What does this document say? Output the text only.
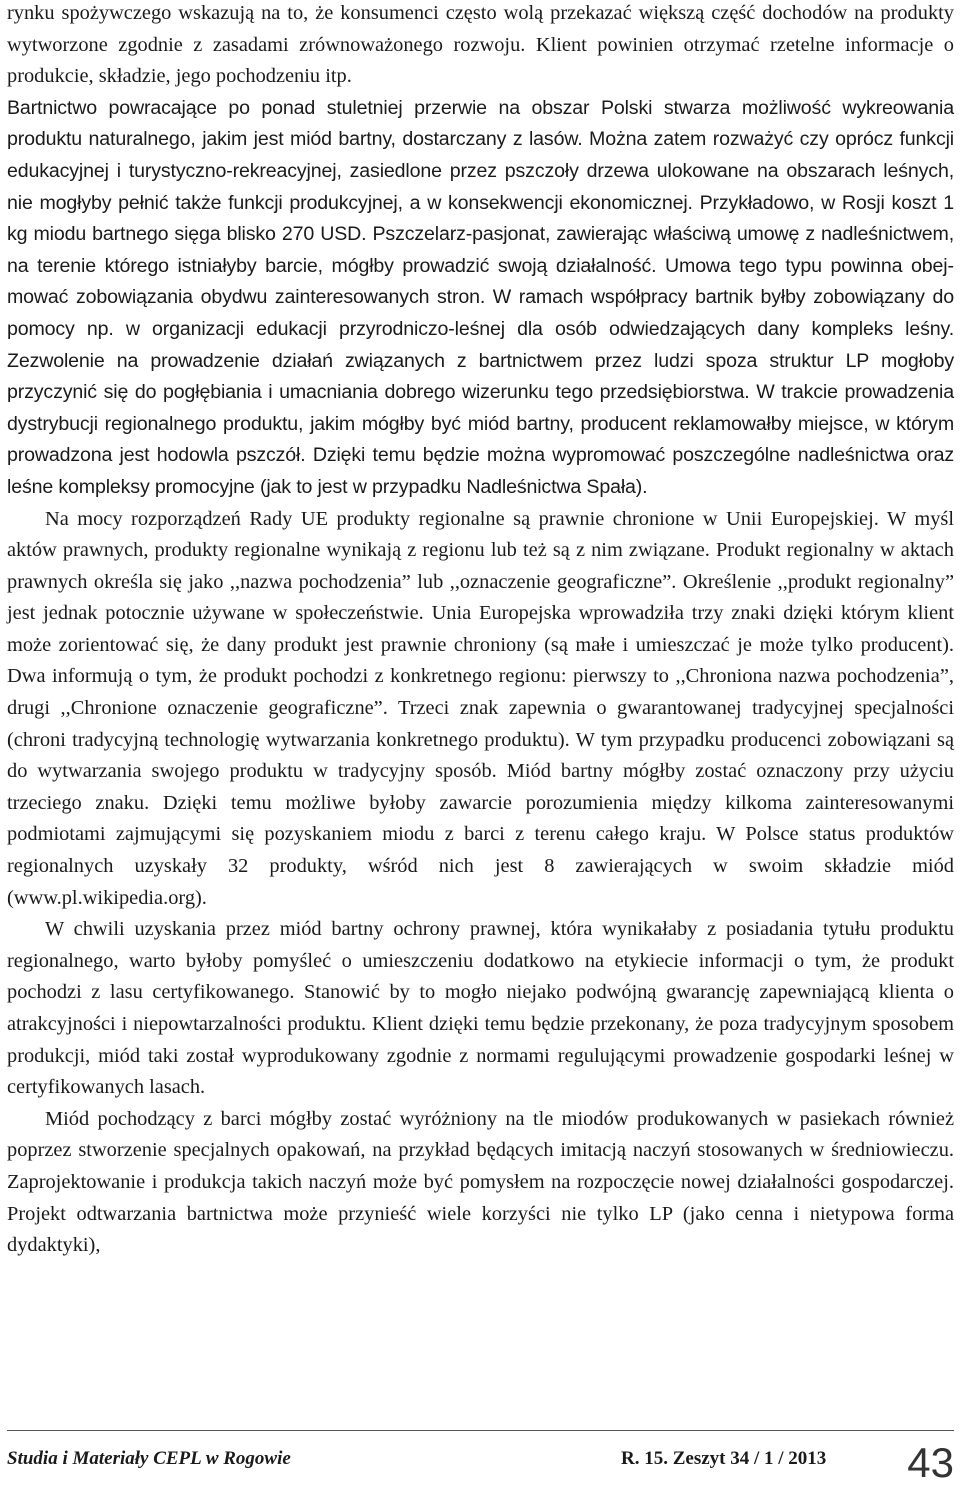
rynku spożywczego wskazują na to, że konsumenci często wolą przekazać większą część dochodów na produkty wytworzone zgodnie z zasadami zrównoważonego rozwoju. Klient powinien otrzymać rzetelne informacje o produkcie, składzie, jego pochodzeniu itp.

Bartnictwo powracające po ponad stuletniej przerwie na obszar Polski stwarza możliwość wykreowania produktu naturalnego, jakim jest miód bartny, dostarczany z lasów. Można zatem rozważyć czy oprócz funkcji edukacyjnej i turystyczno-rekreacyjnej, zasiedlone przez pszczoły drzewa ulokowane na obszarach leśnych, nie mogłyby pełnić także funkcji produkcyjnej, a w konsekwencji ekonomicznej. Przykładowo, w Rosji koszt 1 kg miodu bartnego sięga blisko 270 USD. Pszczelarz-pasjonat, zawierając właściwą umowę z nadleśnictwem, na terenie którego istniałyby barcie, mógłby prowadzić swoją działalność. Umowa tego typu powinna obejmować zobowiązania obydwu zainteresowanych stron. W ramach współpracy bartnik byłby zobowiązany do pomocy np. w organizacji edukacji przyrodniczo-leśnej dla osób odwiedzających dany kompleks leśny. Zezwolenie na prowadzenie działań związanych z bartnictwem przez ludzi spoza struktur LP mogłoby przyczynić się do pogłębiania i umacniania dobrego wizerunku tego przedsiębiorstwa. W trakcie prowadzenia dystrybucji regionalnego produktu, jakim mógłby być miód bartny, producent reklamowałby miejsce, w którym prowadzona jest hodowla pszczół. Dzięki temu będzie można wypromować poszczególne nadleśnictwa oraz leśne kompleksy promocyjne (jak to jest w przypadku Nadleśnictwa Spała).

Na mocy rozporządzeń Rady UE produkty regionalne są prawnie chronione w Unii Europejskiej. W myśl aktów prawnych, produkty regionalne wynikają z regionu lub też są z nim związane. Produkt regionalny w aktach prawnych określa się jako ,,nazwa pochodzenia” lub ,,oznaczenie geograficzne”. Określenie ,,produkt regionalny” jest jednak potocznie używane w społeczeństwie. Unia Europejska wprowadziła trzy znaki dzięki którym klient może zorientować się, że dany produkt jest prawnie chroniony (są małe i umieszczać je może tylko producent). Dwa informują o tym, że produkt pochodzi z konkretnego regionu: pierwszy to ,,Chroniona nazwa pochodzenia”, drugi ,,Chronione oznaczenie geograficzne”. Trzeci znak zapewnia o gwarantowanej tradycyjnej specjalności (chroni tradycyjną technologię wytwarzania konkretnego produktu). W tym przypadku producenci zobowiązani są do wytwarzania swojego produktu w tradycyjny sposób. Miód bartny mógłby zostać oznaczony przy użyciu trzeciego znaku. Dzięki temu możliwe byłoby zawarcie porozumienia między kilkoma zainteresowanymi podmiotami zajmującymi się pozyskaniem miodu z barci z terenu całego kraju. W Polsce status produktów regionalnych uzyskały 32 produkty, wśród nich jest 8 zawierających w swoim składzie miód (www.pl.wikipedia.org).

W chwili uzyskania przez miód bartny ochrony prawnej, która wynikałaby z posiadania tytułu produktu regionalnego, warto byłoby pomyśleć o umieszczeniu dodatkowo na etykiecie informacji o tym, że produkt pochodzi z lasu certyfikowanego. Stanowić by to mogło niejako podwójną gwarancję zapewniającą klienta o atrakcyjności i niepowtarzalności produktu. Klient dzięki temu będzie przekonany, że poza tradycyjnym sposobem produkcji, miód taki został wyprodukowany zgodnie z normami regulującymi prowadzenie gospodarki leśnej w certyfikowanych lasach.

Miód pochodzący z barci mógłby zostać wyróżniony na tle miodów produkowanych w pasiekach również poprzez stworzenie specjalnych opakowań, na przykład będących imitacją naczyń stosowanych w średniowieczu. Zaprojektowanie i produkcja takich naczyń może być pomysłem na rozpoczęcie nowej działalności gospodarczej. Projekt odtwarzania bartnictwa może przynieść wiele korzyści nie tylko LP (jako cenna i nietypowa forma dydaktyki),

Studia i Materiały CEPL w Rogowie	R. 15. Zeszyt 34 / 1 / 2013 43
